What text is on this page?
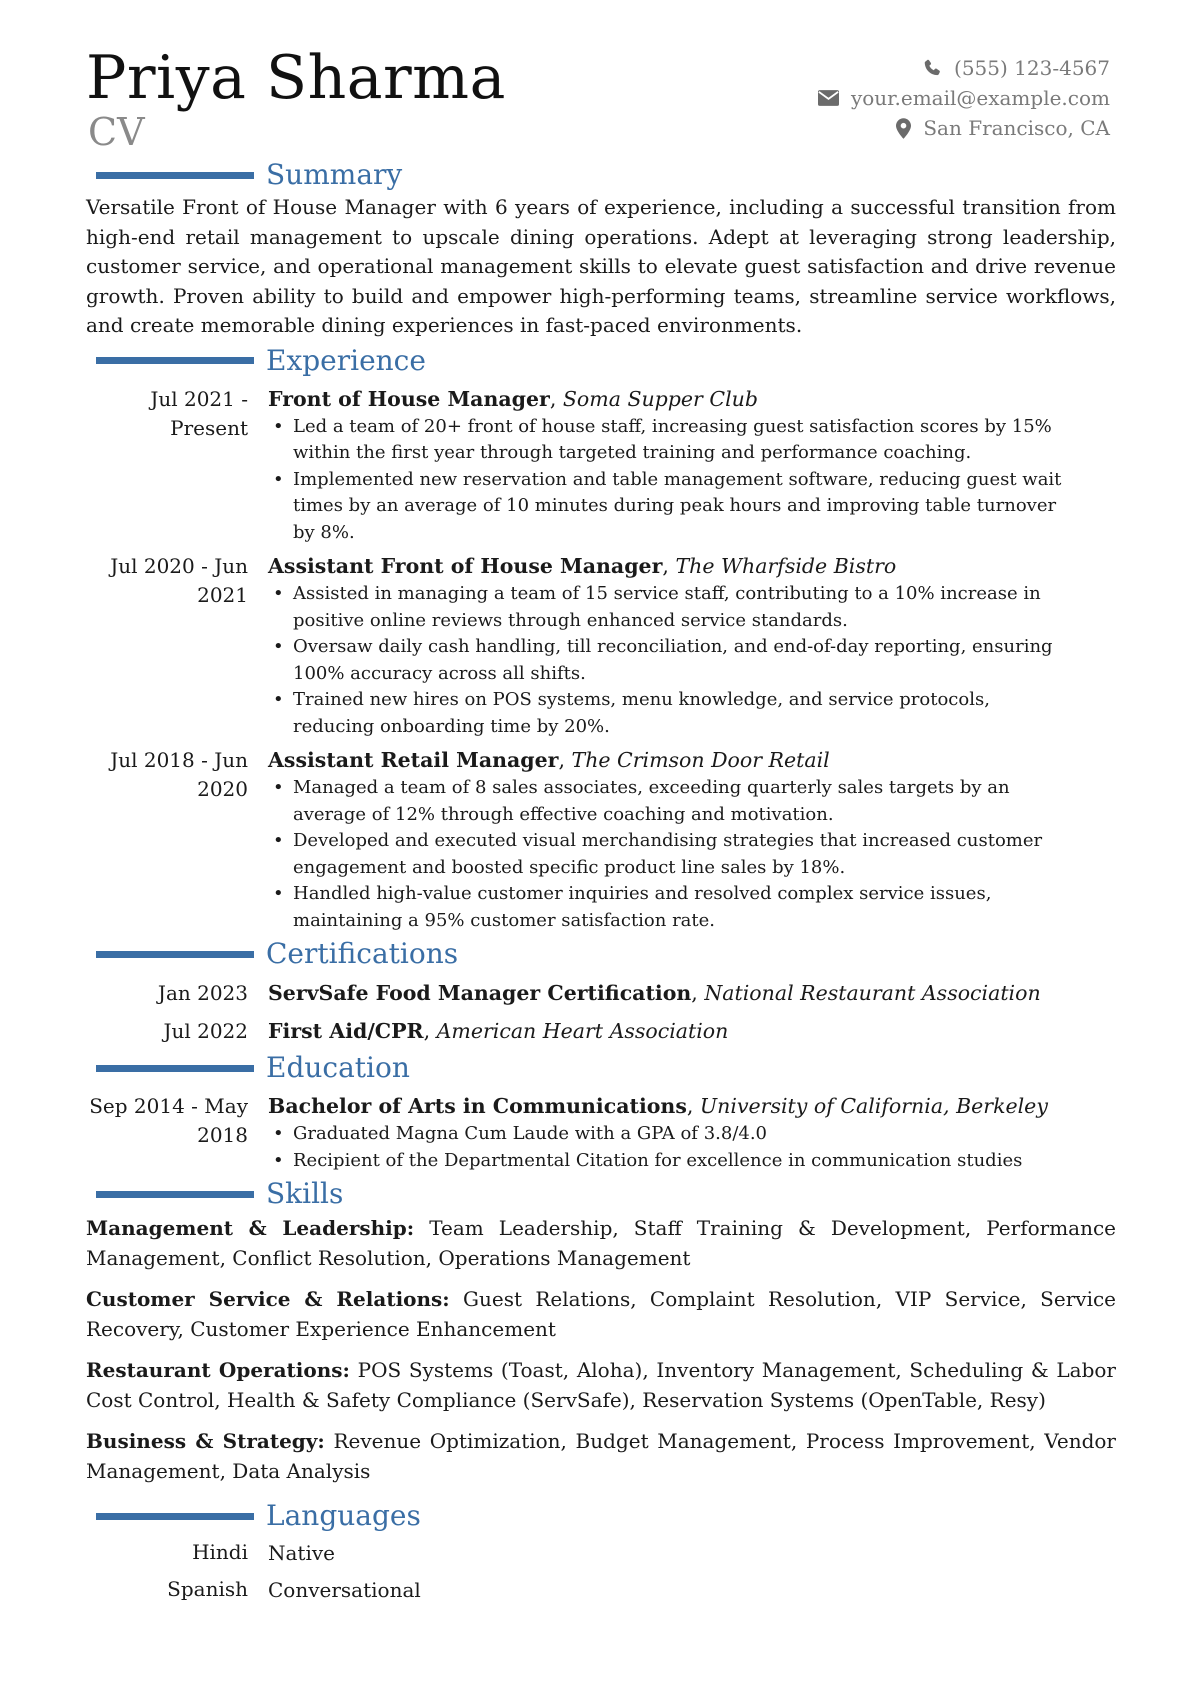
Priya Sharma
CV
(555) 123-4567
your.email@example.com
San Francisco, CA
Summary
Versatile Front of House Manager with 6 years of experience, including a successful transition from high-end retail management to upscale dining operations. Adept at leveraging strong leadership, customer service, and operational management skills to elevate guest satisfaction and drive revenue growth. Proven ability to build and empower high-performing teams, streamline service workflows, and create memorable dining experiences in fast-paced environments.
Experience
Jul 2021 - Present
Front of House Manager, Soma Supper Club
• Led a team of 20+ front of house staff, increasing guest satisfaction scores by 15% within the first year through targeted training and performance coaching.
• Implemented new reservation and table management software, reducing guest wait times by an average of 10 minutes during peak hours and improving table turnover by 8%.
Jul 2020 - Jun 2021
Assistant Front of House Manager, The Wharfside Bistro
• Assisted in managing a team of 15 service staff, contributing to a 10% increase in positive online reviews through enhanced service standards.
• Oversaw daily cash handling, till reconciliation, and end-of-day reporting, ensuring 100% accuracy across all shifts.
• Trained new hires on POS systems, menu knowledge, and service protocols, reducing onboarding time by 20%.
Jul 2018 - Jun 2020
Assistant Retail Manager, The Crimson Door Retail
• Managed a team of 8 sales associates, exceeding quarterly sales targets by an average of 12% through effective coaching and motivation.
• Developed and executed visual merchandising strategies that increased customer engagement and boosted specific product line sales by 18%.
• Handled high-value customer inquiries and resolved complex service issues, maintaining a 95% customer satisfaction rate.
Certifications
Jan 2023 ServSafe Food Manager Certification, National Restaurant Association
Jul 2022 First Aid/CPR, American Heart Association
Education
Sep 2014 - May 2018
Bachelor of Arts in Communications, University of California, Berkeley
• Graduated Magna Cum Laude with a GPA of 3.8/4.0
• Recipient of the Departmental Citation for excellence in communication studies
Skills
Management & Leadership: Team Leadership, Staff Training & Development, Performance Management, Conflict Resolution, Operations Management
Customer Service & Relations: Guest Relations, Complaint Resolution, VIP Service, Service Recovery, Customer Experience Enhancement
Restaurant Operations: POS Systems (Toast, Aloha), Inventory Management, Scheduling & Labor Cost Control, Health & Safety Compliance (ServSafe), Reservation Systems (OpenTable, Resy)
Business & Strategy: Revenue Optimization, Budget Management, Process Improvement, Vendor Management, Data Analysis
Languages
Hindi	Native
Spanish	Conversational
